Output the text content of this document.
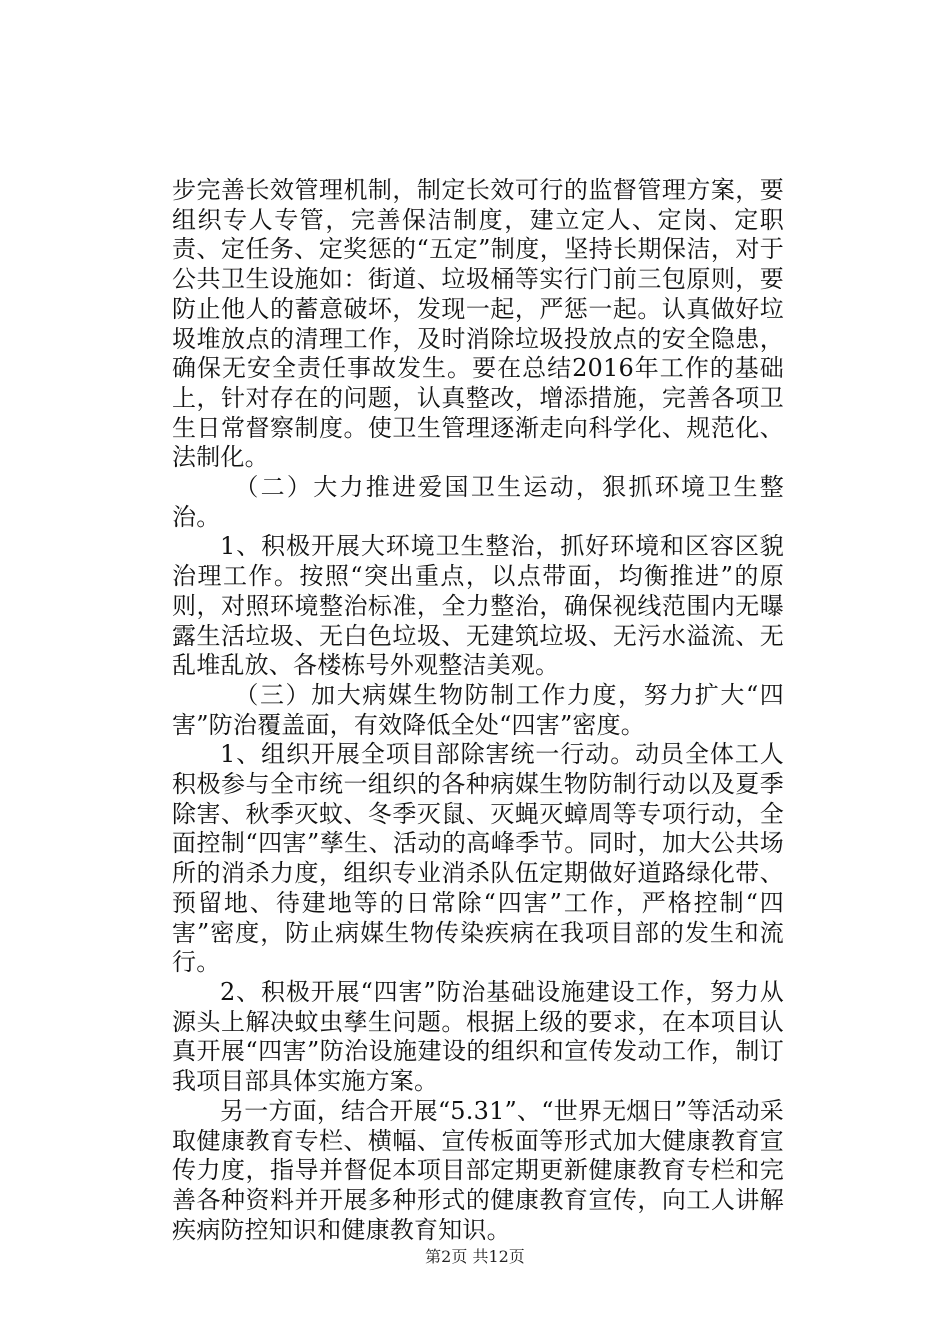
步完善长效管理机制，制定长效可行的监督管理方案，要组织专人专管，完善保洁制度，建立定人、定岗、定职责、定任务、定奖惩的“五定”制度，坚持长期保洁，对于公共卫生设施如：街道、垃圾桶等实行门前三包原则，要防止他人的蓄意破坏，发现一起，严惩一起。认真做好垃圾堆放点的清理工作，及时消除垃圾投放点的安全隐患，确保无安全责任事故发生。要在总结2016年工作的基础上，针对存在的问题，认真整改，增添措施，完善各项卫生日常督察制度。使卫生管理逐渐走向科学化、规范化、法制化。

（二）大力推进爱国卫生运动，狠抓环境卫生整治。

1、积极开展大环境卫生整治，抓好环境和区容区貌治理工作。按照“突出重点，以点带面，均衡推进”的原则，对照环境整治标准，全力整治，确保视线范围内无曝露生活垃圾、无白色垃圾、无建筑垃圾、无污水溢流、无乱堆乱放、各楼栋号外观整洁美观。

（三）加大病媒生物防制工作力度，努力扩大“四害”防治覆盖面，有效降低全处“四害”密度。

1、组织开展全项目部除害统一行动。动员全体工人积极参与全市统一组织的各种病媒生物防制行动以及夏季除害、秋季灭蚊、冬季灭鼠、灭蝇灭蟑周等专项行动，全面控制“四害”孳生、活动的高峰季节。同时，加大公共场所的消杀力度，组织专业消杀队伍定期做好道路绿化带、预留地、待建地等的日常除“四害”工作，严格控制“四害”密度，防止病媒生物传染疾病在我项目部的发生和流行。

2、积极开展“四害”防治基础设施建设工作，努力从源头上解决蚊虫孳生问题。根据上级的要求，在本项目认真开展“四害”防治设施建设的组织和宣传发动工作，制订我项目部具体实施方案。

另一方面，结合开展“5.31”、“世界无烟日”等活动采取健康教育专栏、横幅、宣传板面等形式加大健康教育宣传力度，指导并督促本项目部定期更新健康教育专栏和完善各种资料并开展多种形式的健康教育宣传，向工人讲解疾病防控知识和健康教育知识。

第2页 共12页
